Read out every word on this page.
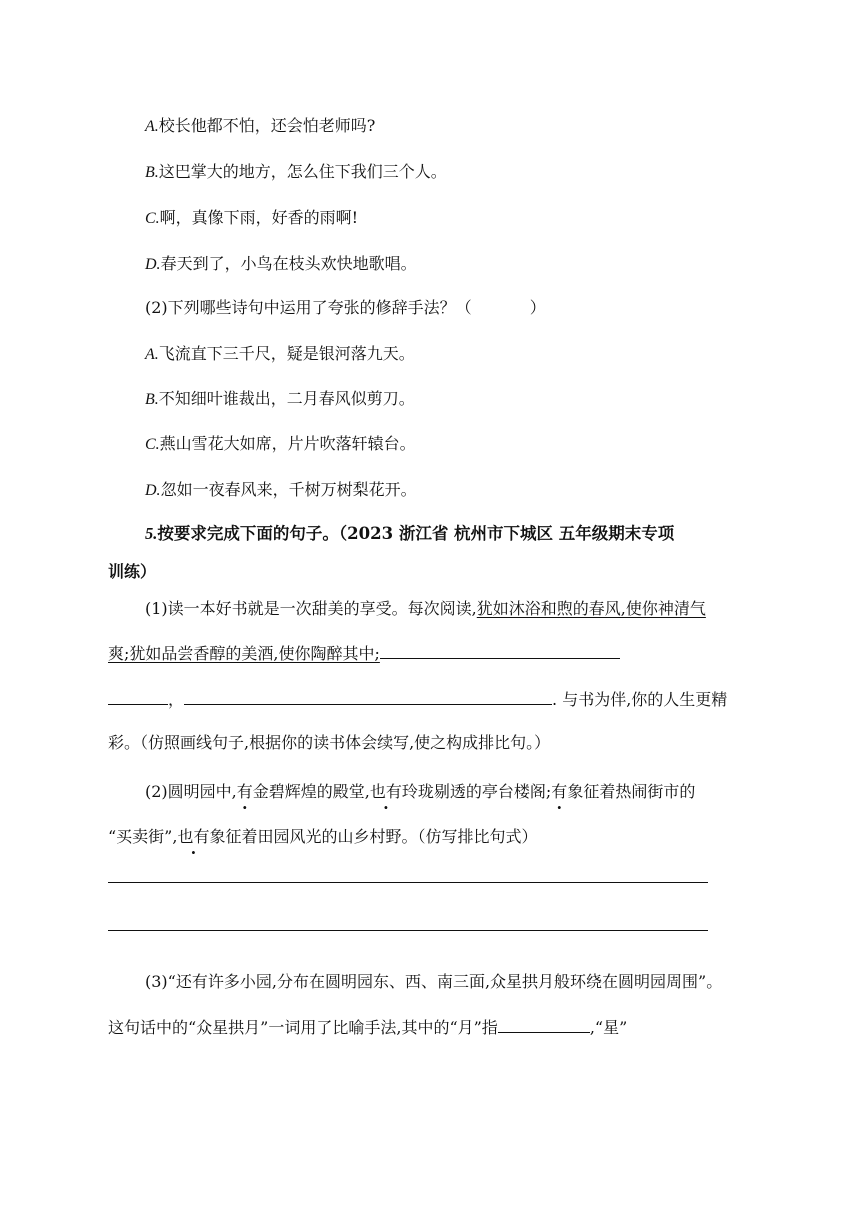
A.校长他都不怕，还会怕老师吗?
B.这巴掌大的地方，怎么住下我们三个人。
C.啊，真像下雨，好香的雨啊!
D.春天到了，小鸟在枝头欢快地歌唱。
(2)下列哪些诗句中运用了夸张的修辞手法？（	）
A.飞流直下三千尺，疑是银河落九天。
B.不知细叶谁裁出，二月春风似剪刀。
C.燕山雪花大如席，片片吹落轩辕台。
D.忽如一夜春风来，千树万树梨花开。
5.按要求完成下面的句子。（2023 浙江省 杭州市下城区 五年级期末专项
训练）
(1)读一本好书就是一次甜美的享受。每次阅读,犹如沐浴和煦的春风,使你神清气
爽;犹如品尝香醇的美酒,使你陶醉其中;
，	. 与书为伴,你的人生更精
彩。（仿照画线句子,根据你的读书体会续写,使之构成排比句。）
(2)圆明园中,有金碧辉煌的殿堂,也有玲珑剔透的亭台楼阁;有象征着热闹街市的
“买卖街”,也有象征着田园风光的山乡村野。（仿写排比句式）
(3)“还有许多小园,分布在圆明园东、西、南三面,众星拱月般环绕在圆明园周围”。
这句话中的“众星拱月”一词用了比喻手法,其中的“月”指	,“星”
